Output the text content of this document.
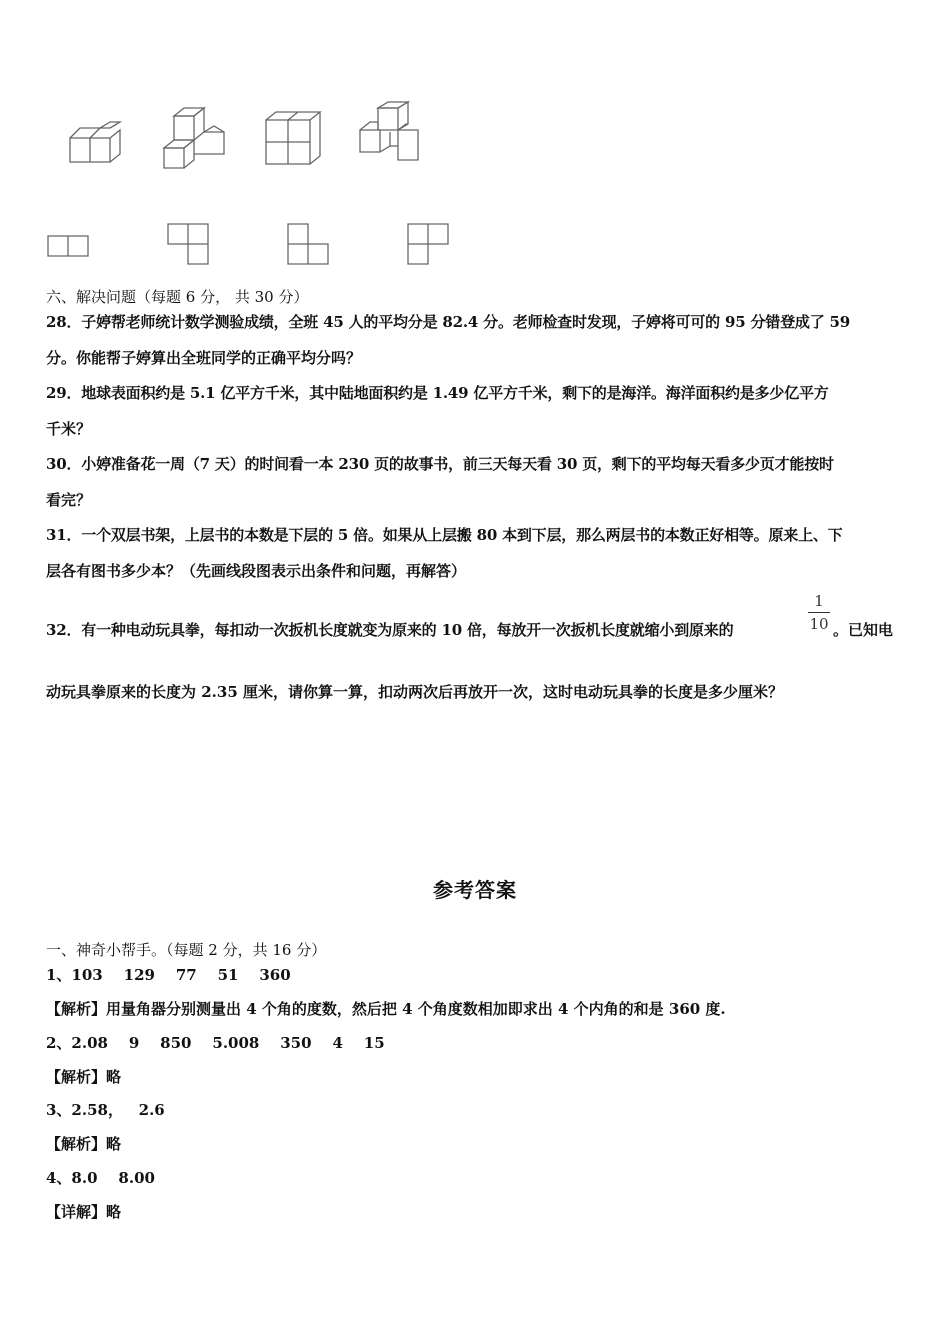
六、解决问题（每题 6 分， 共 30 分）
28．子婷帮老师统计数学测验成绩，全班 45 人的平均分是 82.4 分。老师检查时发现，子婷将可可的 95 分错登成了 59
分。你能帮子婷算出全班同学的正确平均分吗？
29．地球表面积约是 5.1 亿平方千米，其中陆地面积约是 1.49 亿平方千米，剩下的是海洋。海洋面积约是多少亿平方
千米？
30．小婷准备花一周（7 天）的时间看一本 230 页的故事书，前三天每天看 30 页，剩下的平均每天看多少页才能按时
看完？
31．一个双层书架，上层书的本数是下层的 5 倍。如果从上层搬 80 本到下层，那么两层书的本数正好相等。原来上、下
层各有图书多少本？（先画线段图表示出条件和问题，再解答）
32．有一种电动玩具拳，每扣动一次扳机长度就变为原来的 10 倍，每放开一次扳机长度就缩小到原来的
1
10 。已知电
动玩具拳原来的长度为 2.35 厘米，请你算一算，扣动两次后再放开一次，这时电动玩具拳的长度是多少厘米？
参考答案
一、神奇小帮手。（每题 2 分，共 16 分）
1、103    129    77    51    360
【解析】用量角器分别测量出 4 个角的度数，然后把 4 个角度数相加即求出 4 个内角的和是 360 度.
2、2.08    9    850    5.008    350    4    15
【解析】略
3、2.58，   2.6
【解析】略
4、8.0    8.00
【详解】略
